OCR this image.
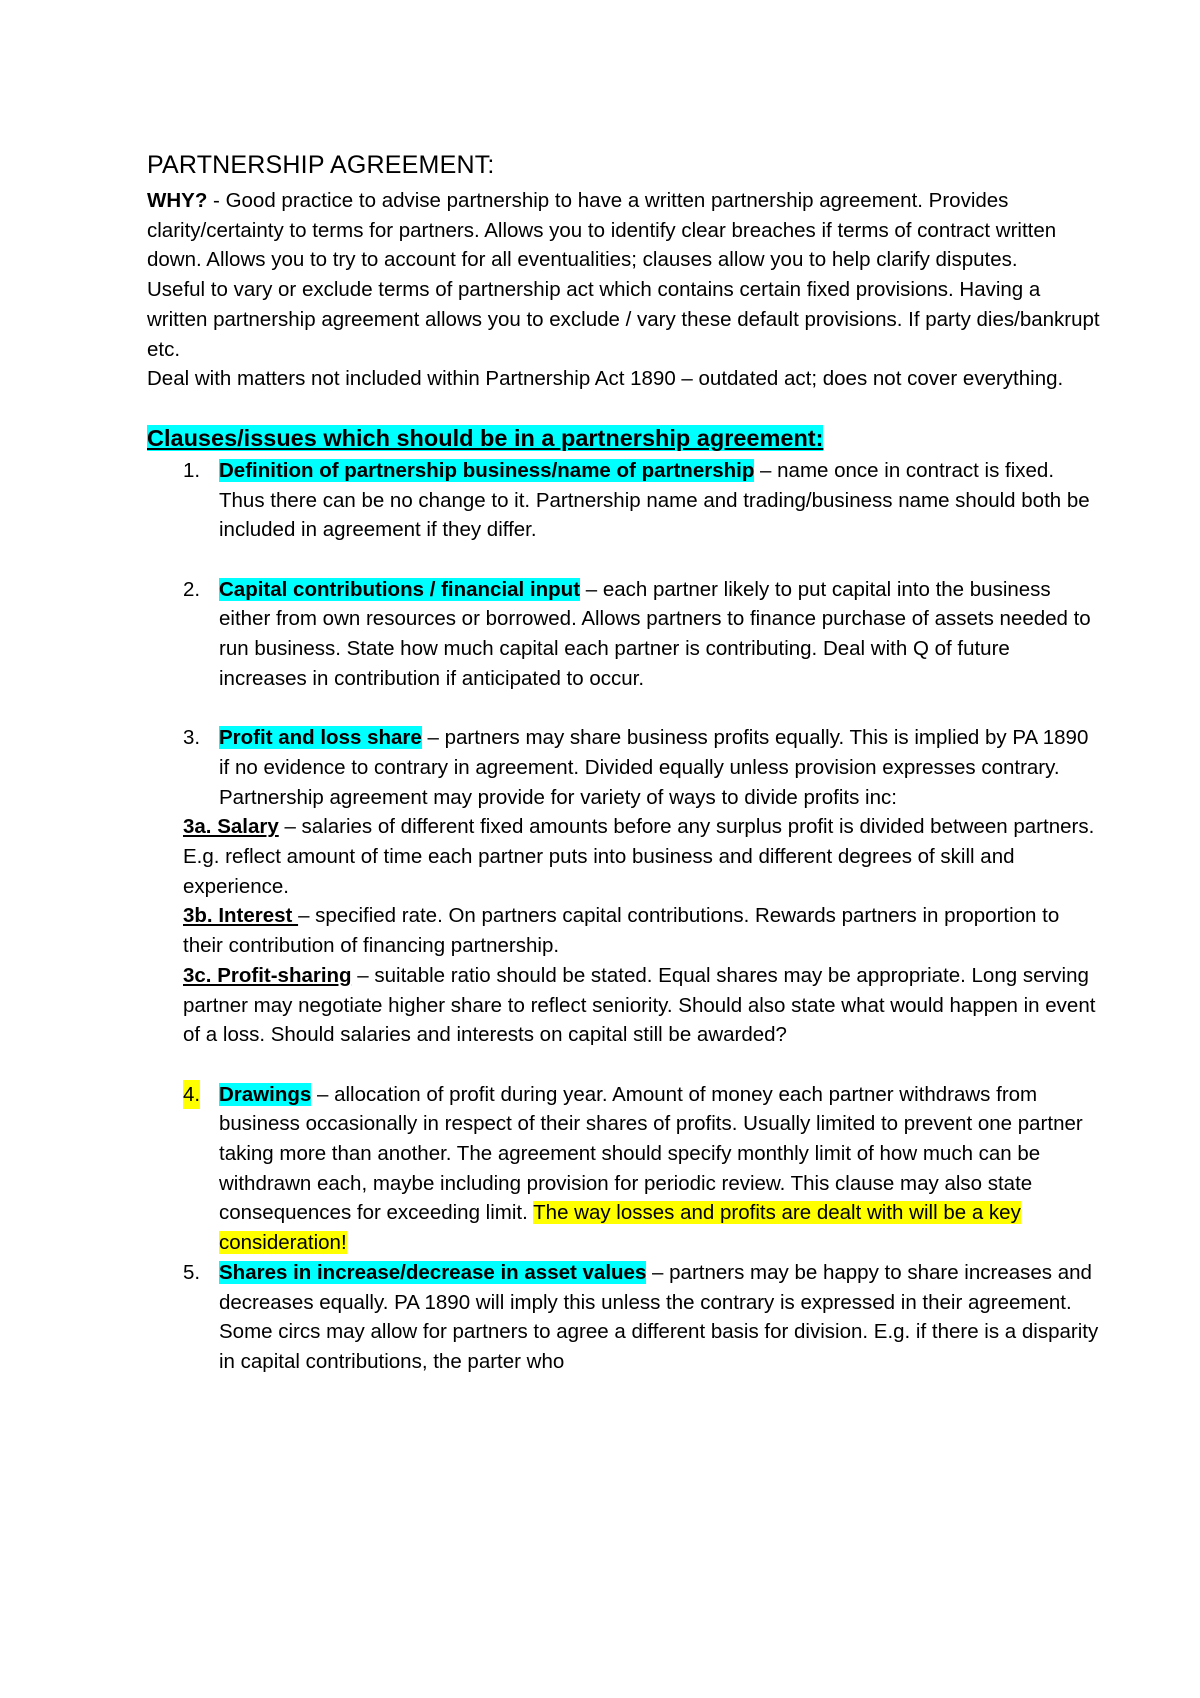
PARTNERSHIP AGREEMENT:

WHY? - Good practice to advise partnership to have a written partnership agreement. Provides clarity/certainty to terms for partners. Allows you to identify clear breaches if terms of contract written down. Allows you to try to account for all eventualities; clauses allow you to help clarify disputes.

Useful to vary or exclude terms of partnership act which contains certain fixed provisions. Having a written partnership agreement allows you to exclude / vary these default provisions. If party dies/bankrupt etc.

Deal with matters not included within Partnership Act 1890 – outdated act; does not cover everything.

Clauses/issues which should be in a partnership agreement:
1. Definition of partnership business/name of partnership – name once in contract is fixed. Thus there can be no change to it. Partnership name and trading/business name should both be included in agreement if they differ.
2. Capital contributions / financial input – each partner likely to put capital into the business either from own resources or borrowed. Allows partners to finance purchase of assets needed to run business. State how much capital each partner is contributing. Deal with Q of future increases in contribution if anticipated to occur.
3. Profit and loss share – partners may share business profits equally. This is implied by PA 1890 if no evidence to contrary in agreement. Divided equally unless provision expresses contrary. Partnership agreement may provide for variety of ways to divide profits inc:
3a. Salary – salaries of different fixed amounts before any surplus profit is divided between partners. E.g. reflect amount of time each partner puts into business and different degrees of skill and experience.
3b. Interest – specified rate. On partners capital contributions. Rewards partners in proportion to their contribution of financing partnership.
3c. Profit-sharing – suitable ratio should be stated. Equal shares may be appropriate. Long serving partner may negotiate higher share to reflect seniority. Should also state what would happen in event of a loss. Should salaries and interests on capital still be awarded?
4. Drawings – allocation of profit during year. Amount of money each partner withdraws from business occasionally in respect of their shares of profits. Usually limited to prevent one partner taking more than another. The agreement should specify monthly limit of how much can be withdrawn each, maybe including provision for periodic review. This clause may also state consequences for exceeding limit. The way losses and profits are dealt with will be a key consideration!
5. Shares in increase/decrease in asset values – partners may be happy to share increases and decreases equally. PA 1890 will imply this unless the contrary is expressed in their agreement. Some circs may allow for partners to agree a different basis for division. E.g. if there is a disparity in capital contributions, the parter who
